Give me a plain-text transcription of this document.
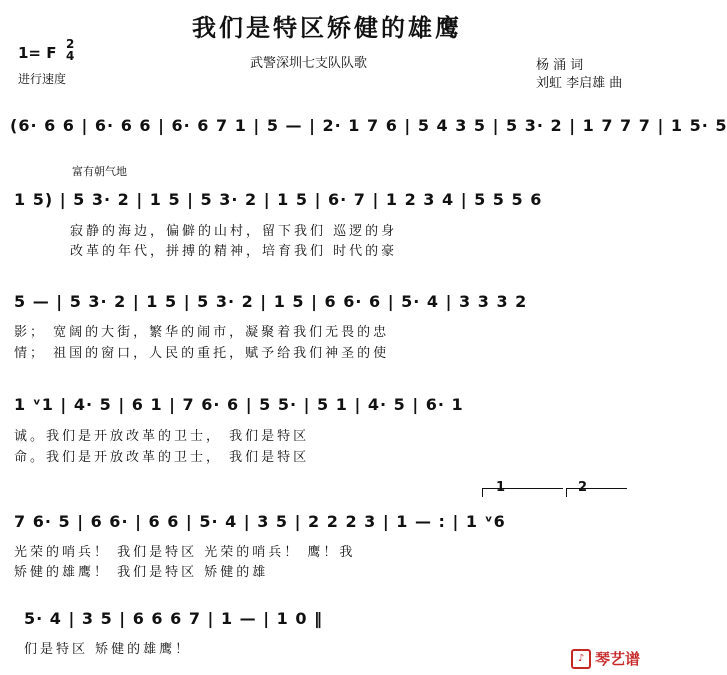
我们是特区矫健的雄鹰
1= F 2
4	武警深圳七支队队歌
进行速度
杨 涌 词
刘虹 李启雄 曲
富有朝气地
(6· 6 6 | 6· 6 6 | 6· 6 7 1 | 5 — | 2· 1 7 6 | 5 4 3 5 | 5 3· 2 | 1 7 7 7 | 1 5· 5
1 5) | 5 3· 2 | 1 5 | 5 3· 2 | 1 5 | 6· 7 | 1 2 3 4 | 5 5 5 6
寂静的海边，偏僻的山村，留下我们 巡逻的身
改革的年代，拼搏的精神，培育我们 时代的豪
5 — | 5 3· 2 | 1 5 | 5 3· 2 | 1 5 | 6 6· 6 | 5· 4 | 3 3 3 2
影； 宽阔的大街，繁华的闹市，凝聚着我们无畏的忠
情； 祖国的窗口，人民的重托，赋予给我们神圣的使
1 ᵛ1 | 4· 5 | 6 1 | 7 6· 6 | 5 5· | 5 1 | 4· 5 | 6· 1
诚。我们是开放改革的卫士， 我们是特区
命。我们是开放改革的卫士， 我们是特区
1	2
7 6· 5 | 6 6· | 6 6 | 5· 4 | 3 5 | 2 2 2 3 | 1 — : | 1 ᵛ6
光荣的哨兵！ 我们是特区 光荣的哨兵！ 鹰！我
矫健的雄鹰！ 我们是特区 矫健的雄
5· 4 | 3 5 | 6 6 6 7 | 1 — | 1 0 ‖
们是特区 矫健的雄鹰！
♪ 琴艺谱
